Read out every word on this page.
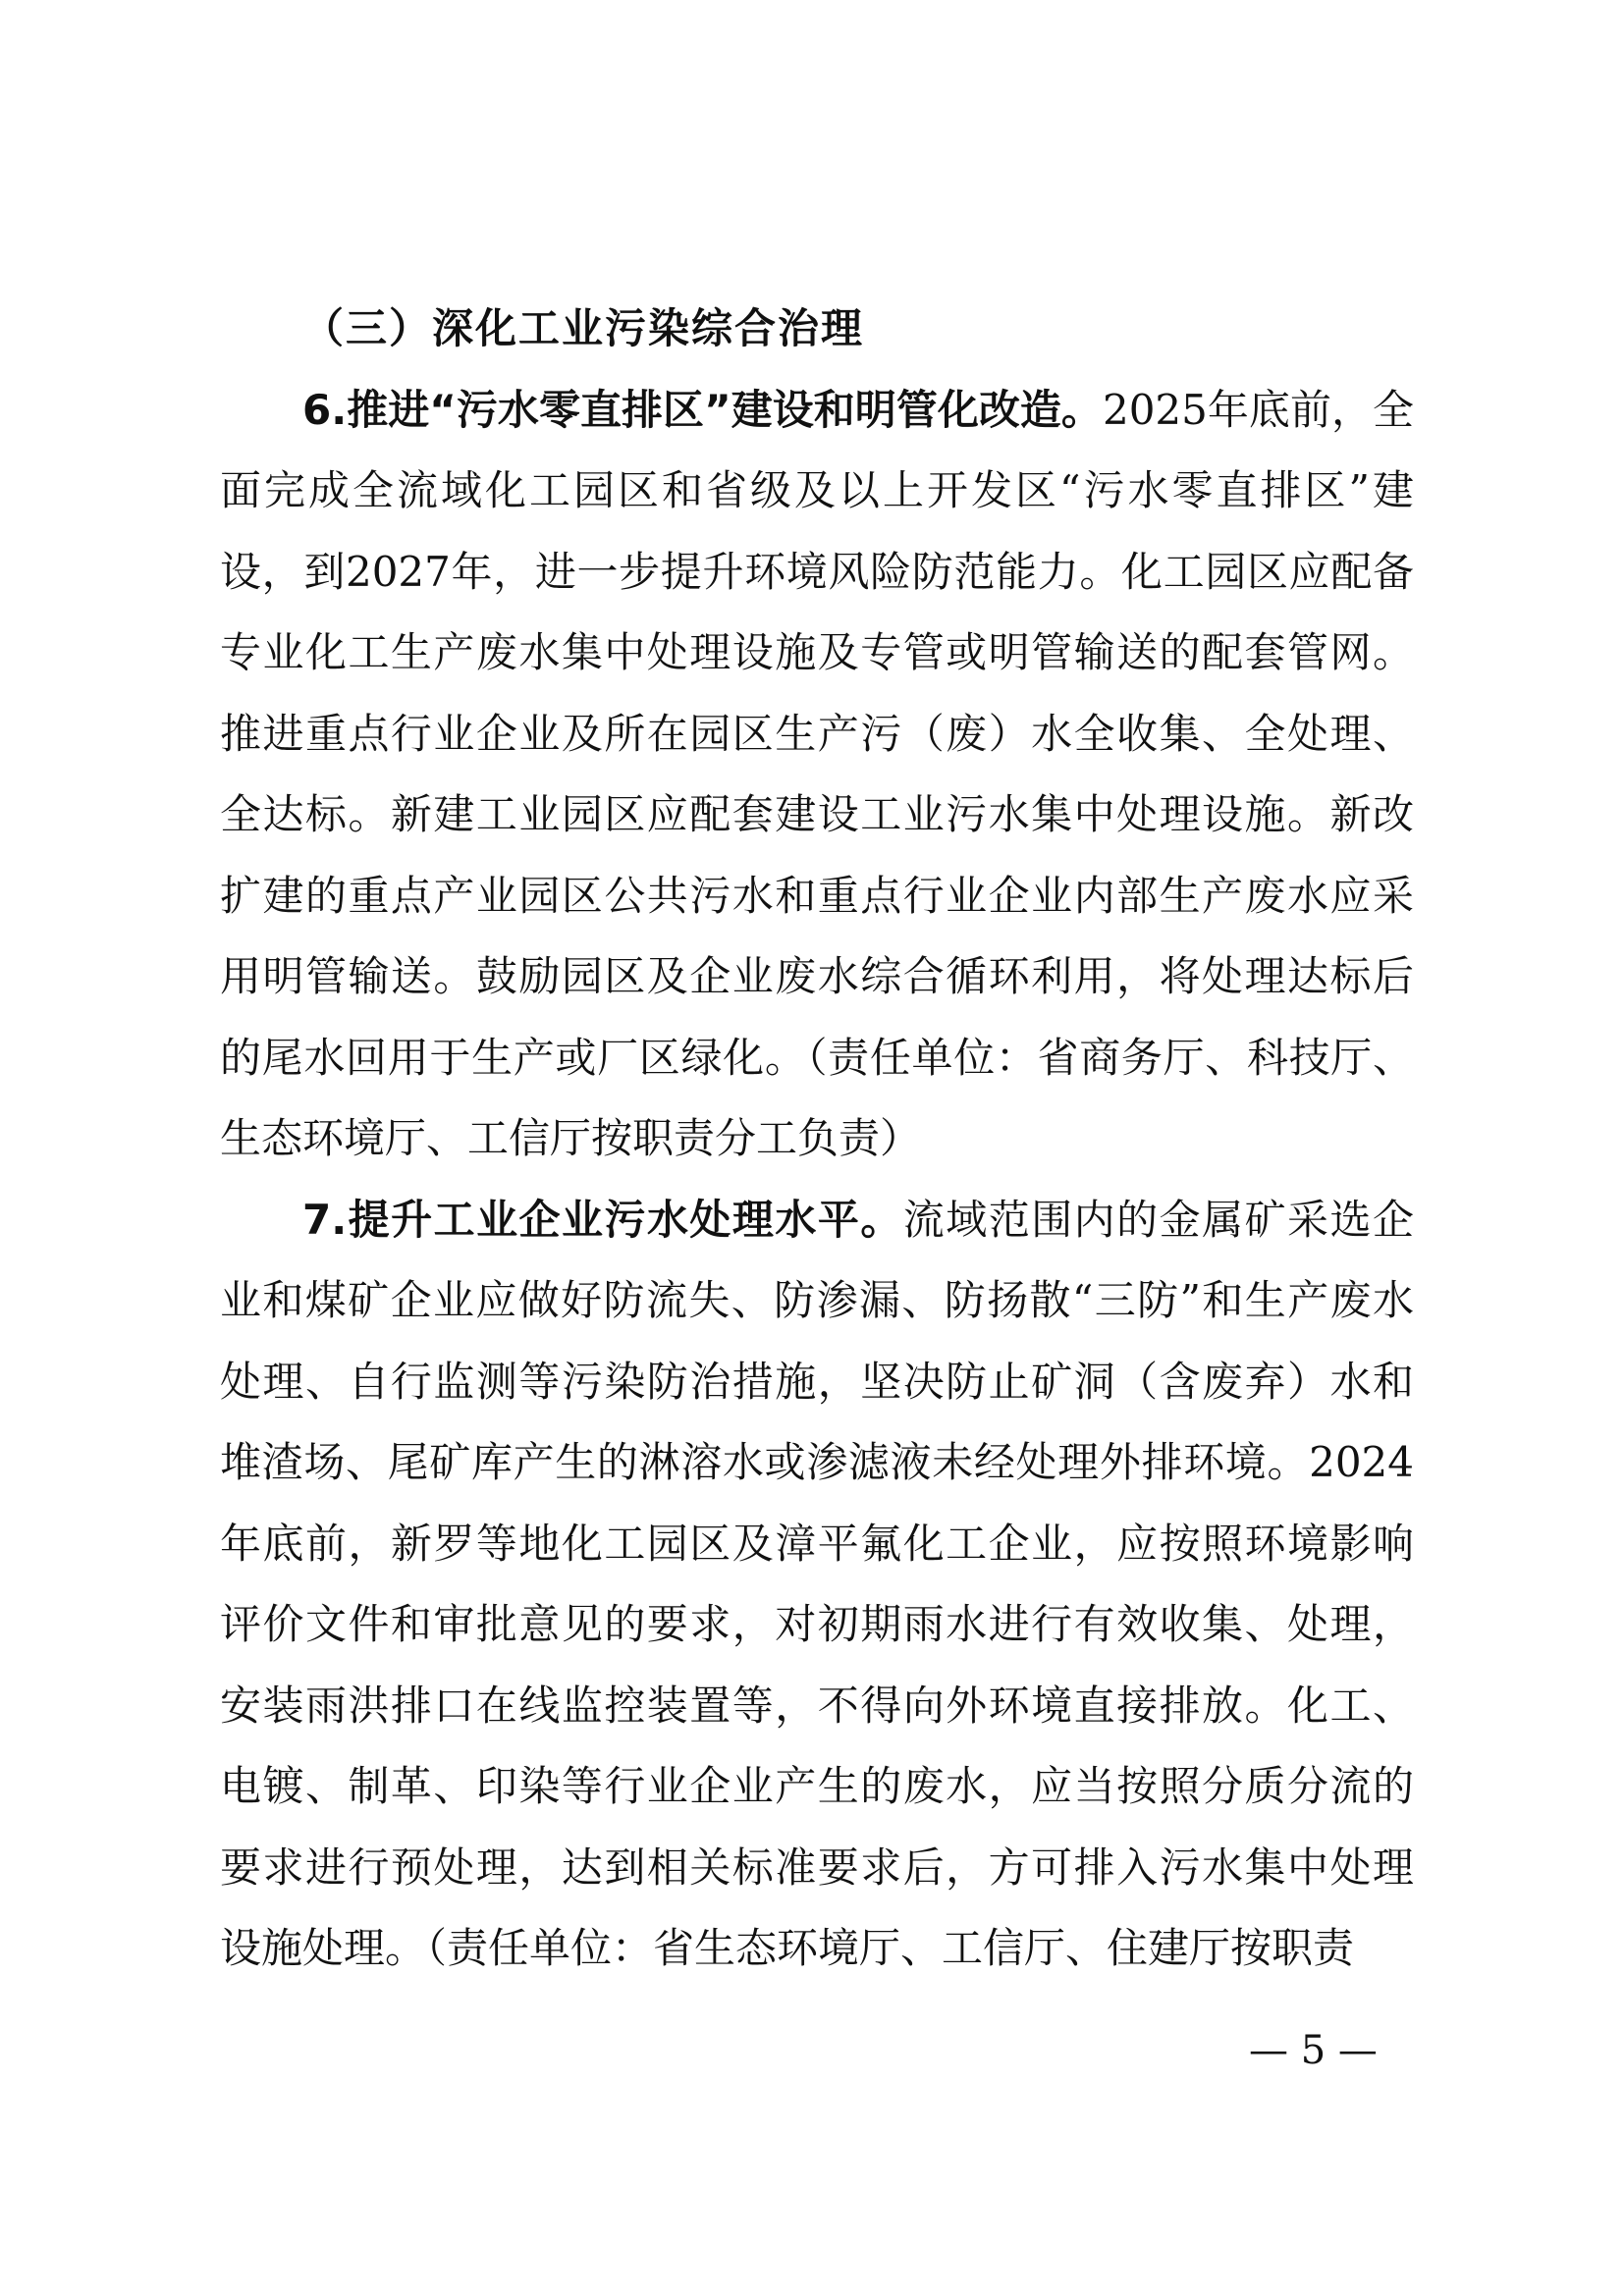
（三）深化工业污染综合治理

6.推进“污水零直排区”建设和明管化改造。2025年底前，全面完成全流域化工园区和省级及以上开发区“污水零直排区”建设，到2027年，进一步提升环境风险防范能力。化工园区应配备专业化工生产废水集中处理设施及专管或明管输送的配套管网。推进重点行业企业及所在园区生产污（废）水全收集、全处理、全达标。新建工业园区应配套建设工业污水集中处理设施。新改扩建的重点产业园区公共污水和重点行业企业内部生产废水应采用明管输送。鼓励园区及企业废水综合循环利用，将处理达标后的尾水回用于生产或厂区绿化。（责任单位：省商务厅、科技厅、生态环境厅、工信厅按职责分工负责）

7.提升工业企业污水处理水平。流域范围内的金属矿采选企业和煤矿企业应做好防流失、防渗漏、防扬散“三防”和生产废水处理、自行监测等污染防治措施，坚决防止矿洞（含废弃）水和堆渣场、尾矿库产生的淋溶水或渗滤液未经处理外排环境。2024年底前，新罗等地化工园区及漳平氟化工企业，应按照环境影响评价文件和审批意见的要求，对初期雨水进行有效收集、处理，安装雨洪排口在线监控装置等，不得向外环境直接排放。化工、电镀、制革、印染等行业企业产生的废水，应当按照分质分流的要求进行预处理，达到相关标准要求后，方可排入污水集中处理设施处理。（责任单位：省生态环境厅、工信厅、住建厅按职责

— 5 —
